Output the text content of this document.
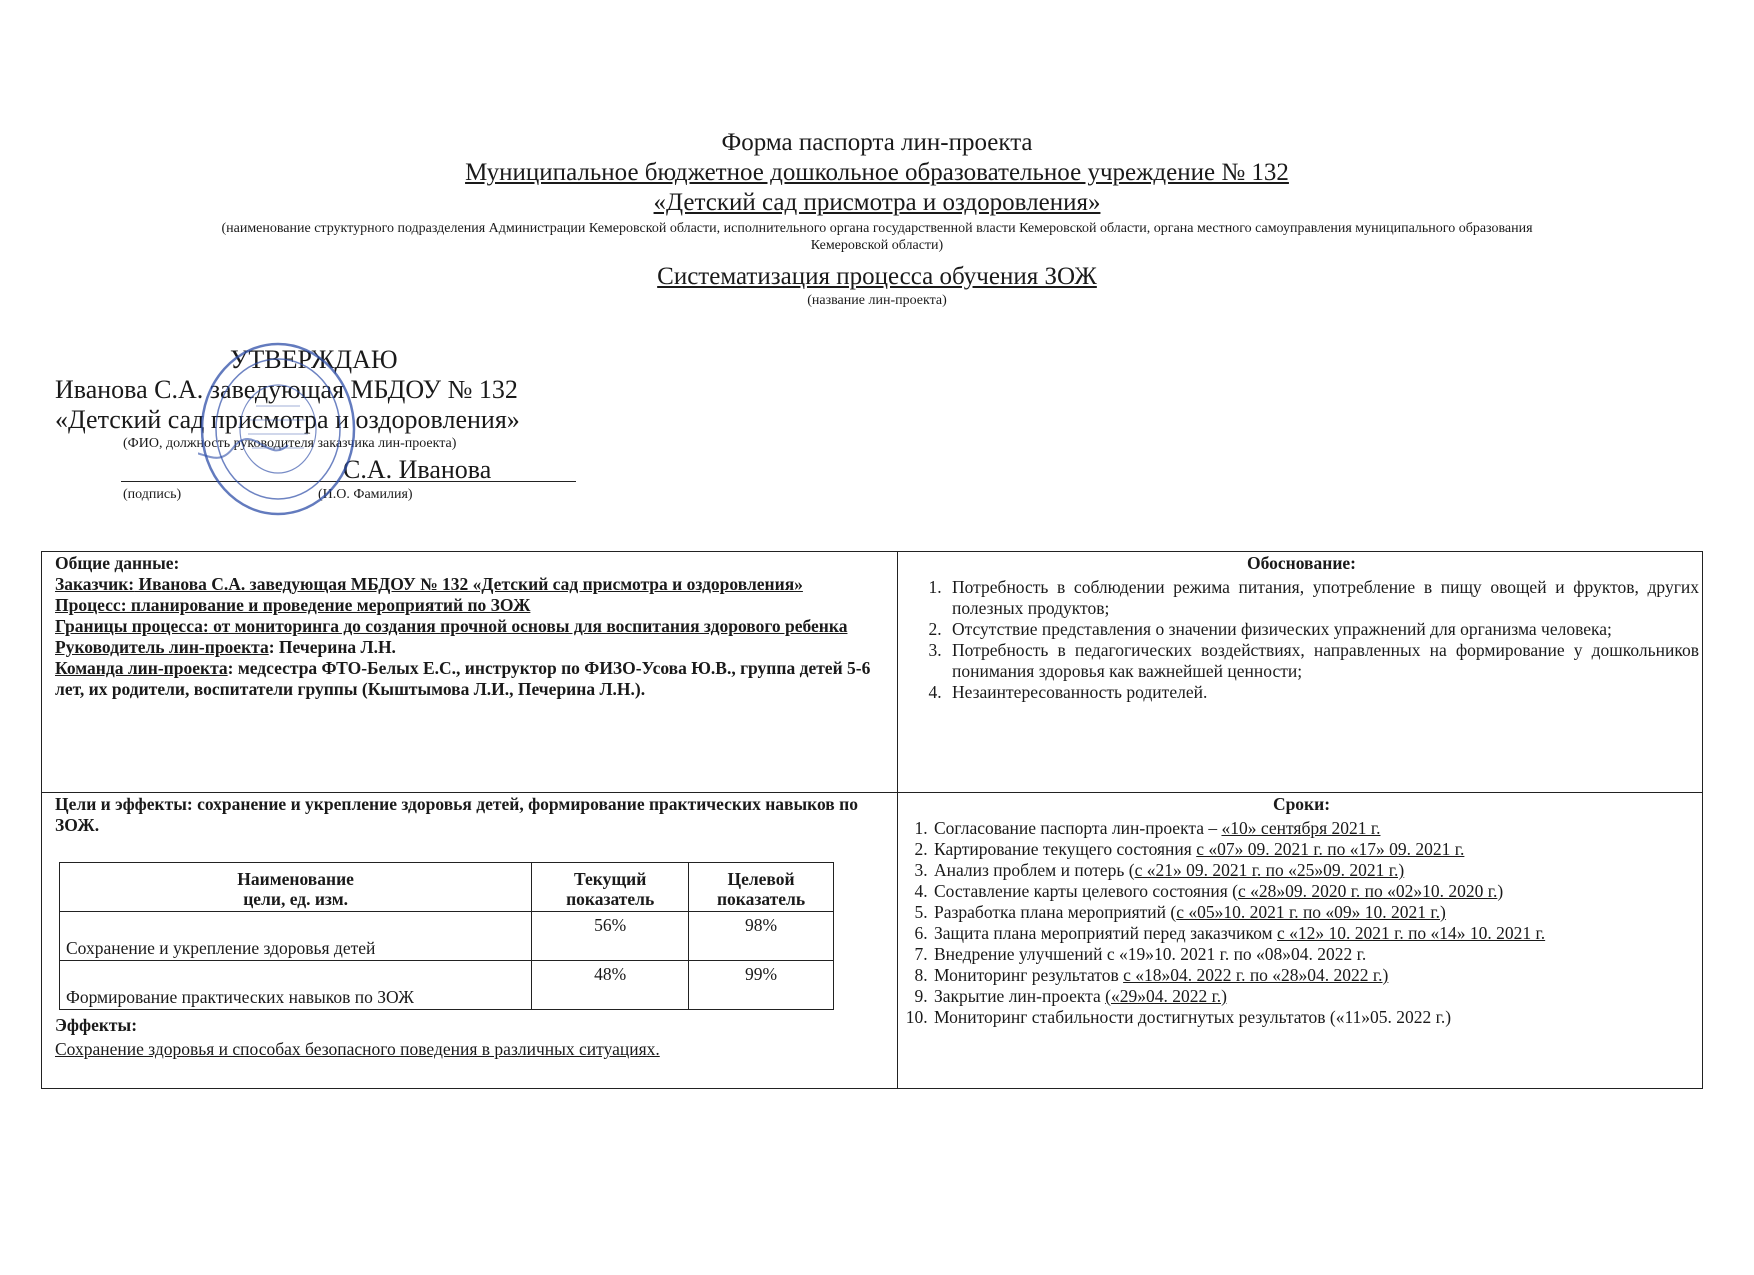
Форма паспорта лин-проекта

Муниципальное бюджетное дошкольное образовательное учреждение № 132

«Детский сад присмотра и оздоровления»

(наименование структурного подразделения Администрации Кемеровской области, исполнительного органа государственной власти Кемеровской области, органа местного самоуправления муниципального образования Кемеровской области)
Систематизация процесса обучения ЗОЖ
(название лин-проекта)
УТВЕРЖДАЮ
Иванова С.А. заведующая МБДОУ № 132
«Детский сад присмотра и оздоровления»
(ФИО, должность руководителя заказчика лин-проекта)
С.А. Иванова
(подпись)	(И.О. Фамилия)
Общие данные:
Заказчик: Иванова С.А. заведующая МБДОУ № 132 «Детский сад присмотра и оздоровления»
Процесс: планирование и проведение мероприятий по ЗОЖ
Границы процесса: от мониторинга до создания прочной основы для воспитания здорового ребенка
Руководитель лин-проекта: Печерина Л.Н.
Команда лин-проекта: медсестра ФТО-Белых Е.С., инструктор по ФИЗО-Усова Ю.В., группа детей 5-6 лет, их родители, воспитатели группы (Кыштымова Л.И., Печерина Л.Н.).
Обоснование:
1. Потребность в соблюдении режима питания, употребление в пищу овощей и фруктов, других полезных продуктов;
2. Отсутствие представления о значении физических упражнений для организма человека;
3. Потребность в педагогических воздействиях, направленных на формирование у дошкольников понимания здоровья как важнейшей ценности;
4. Незаинтересованность родителей.
Цели и эффекты: сохранение и укрепление здоровья детей, формирование практических навыков по ЗОЖ.
Эффекты:
Сохранение здоровья и способах безопасного поведения в различных ситуациях.
Сроки:
1. Согласование паспорта лин-проекта – «10» сентября 2021 г.
2. Картирование текущего состояния с «07» 09. 2021 г. по «17» 09. 2021 г.
3. Анализ проблем и потерь (с «21» 09. 2021 г. по «25»09. 2021 г.)
4. Составление карты целевого состояния (с «28»09. 2020 г. по «02»10. 2020 г.)
5. Разработка плана мероприятий (с «05»10. 2021 г. по «09» 10. 2021 г.)
6. Защита плана мероприятий перед заказчиком с «12» 10. 2021 г. по «14» 10. 2021 г.
7. Внедрение улучшений с «19»10. 2021 г. по «08»04. 2022 г.
8. Мониторинг результатов с «18»04. 2022 г. по «28»04. 2022 г.)
9. Закрытие лин-проекта («29»04. 2022 г.)
10. Мониторинг стабильности достигнутых результатов («11»05. 2022 г.)
Наименование
цели, ед. изм.	Текущий показатель	Целевой показатель
Сохранение и укрепление здоровья детей	56%	98%
Формирование практических навыков по ЗОЖ	48%	99%
